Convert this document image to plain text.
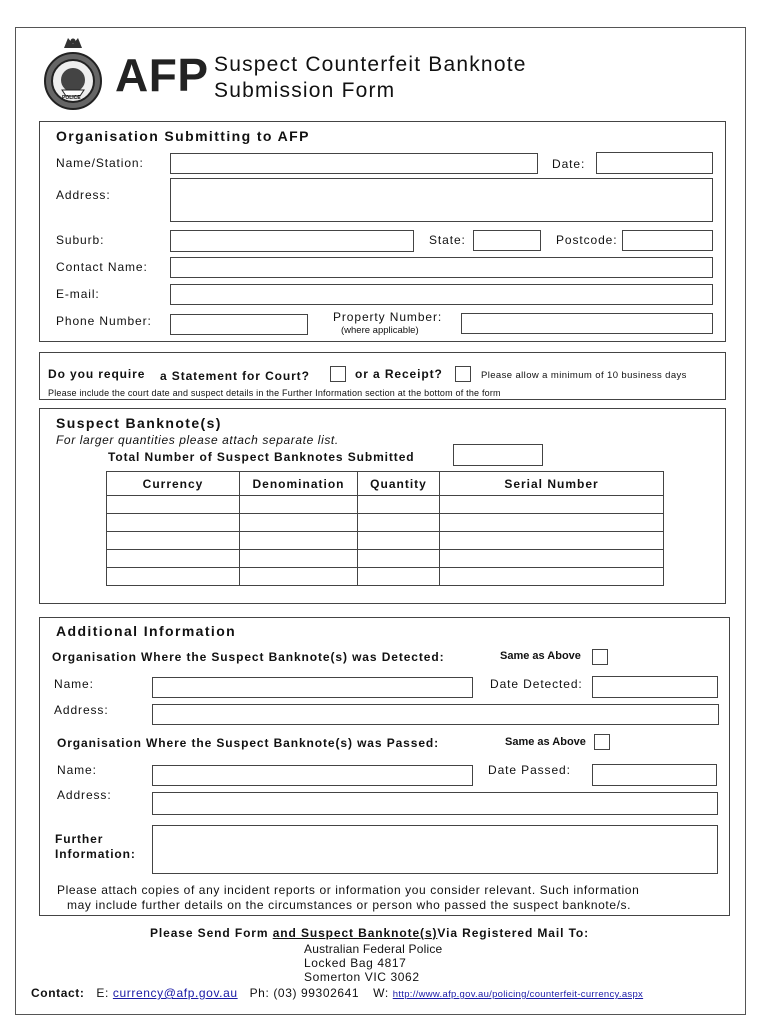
POLICE AFP Suspect Counterfeit Banknote
Submission Form
Organisation Submitting to AFP
Name/Station:	Date:
Address:
Suburb:	State:	Postcode:
Contact Name:
E-mail:
Phone Number:	Property Number:
(where applicable)
Do you require a Statement for Court?	or a Receipt?	Please allow a minimum of 10 business days
Please include the court date and suspect details in the Further Information section at the bottom of the form
Suspect Banknote(s)
For larger quantities please attach separate list.
Total Number of Suspect Banknotes Submitted
Currency	Denomination	Quantity	Serial Number

Additional Information
Organisation Where the Suspect Banknote(s) was Detected:	Same as Above
Name:	Date Detected:
Address:
Organisation Where the Suspect Banknote(s) was Passed:	Same as Above
Name:	Date Passed:
Address:
Further
Information:
Please attach copies of any incident reports or information you consider relevant. Such information
may include further details on the circumstances or person who passed the suspect banknote/s.
Please Send Form and Suspect Banknote(s)Via Registered Mail To:
Australian Federal Police
Locked Bag 4817
Somerton VIC 3062
Contact: E: currency@afp.gov.au Ph: (03) 99302641 W: http://www.afp.gov.au/policing/counterfeit-currency.aspx
